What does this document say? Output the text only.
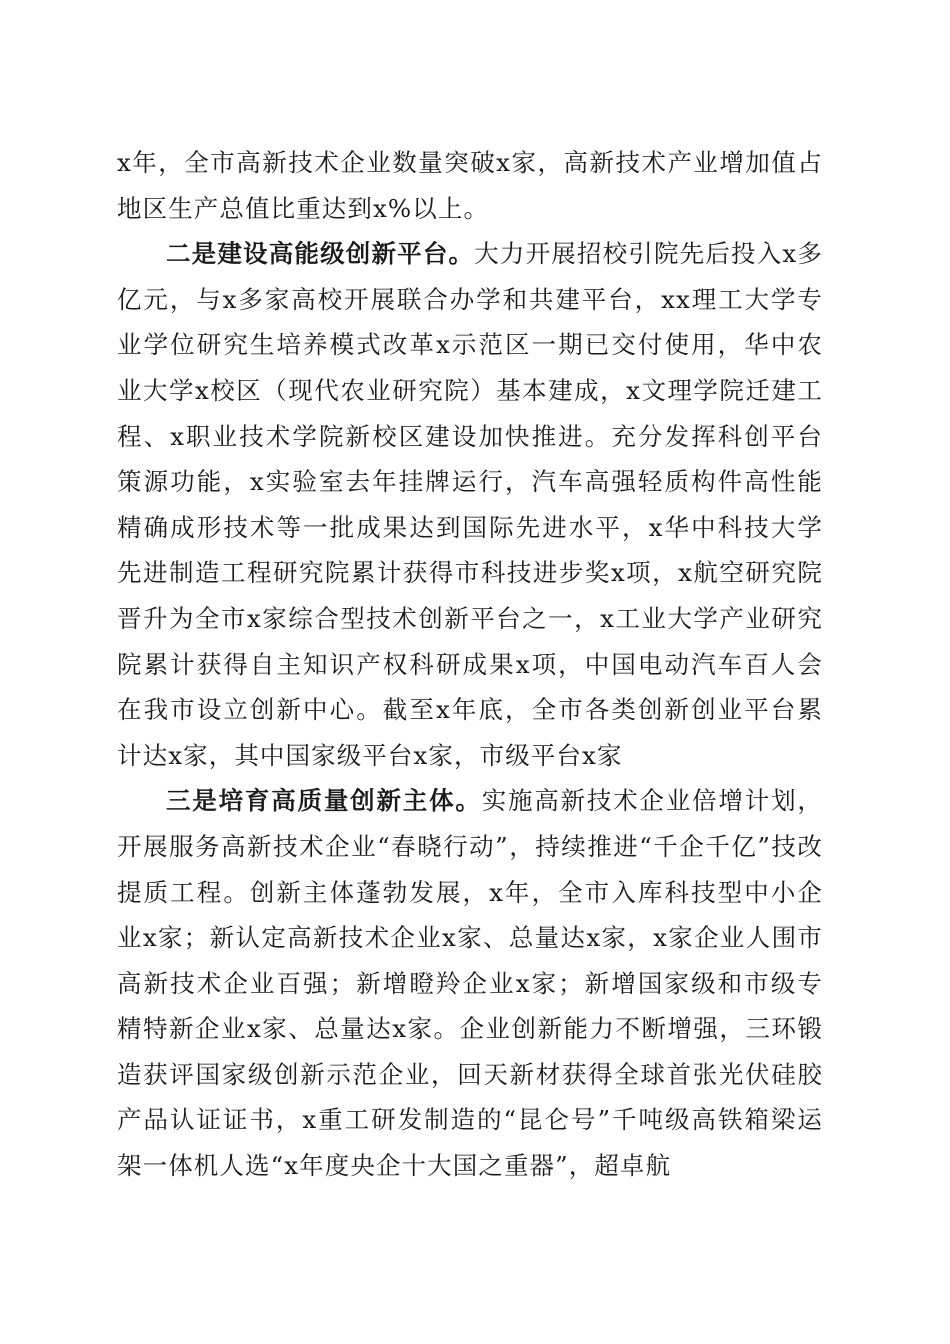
x年，全市高新技术企业数量突破x家，高新技术产业增加值占地区生产总值比重达到x%以上。

二是建设高能级创新平台。大力开展招校引院先后投入x多亿元，与x多家高校开展联合办学和共建平台，xx理工大学专业学位研究生培养模式改革x示范区一期已交付使用，华中农业大学x校区（现代农业研究院）基本建成，x文理学院迁建工程、x职业技术学院新校区建设加快推进。充分发挥科创平台策源功能，x实验室去年挂牌运行，汽车高强轻质构件高性能精确成形技术等一批成果达到国际先进水平，x华中科技大学先进制造工程研究院累计获得市科技进步奖x项，x航空研究院晋升为全市x家综合型技术创新平台之一，x工业大学产业研究院累计获得自主知识产权科研成果x项，中国电动汽车百人会在我市设立创新中心。截至x年底，全市各类创新创业平台累计达x家，其中国家级平台x家，市级平台x家

三是培育高质量创新主体。实施高新技术企业倍增计划，开展服务高新技术企业“春晓行动”，持续推进“千企千亿”技改提质工程。创新主体蓬勃发展，x年，全市入库科技型中小企业x家；新认定高新技术企业x家、总量达x家，x家企业人围市高新技术企业百强；新增瞪羚企业x家；新增国家级和市级专精特新企业x家、总量达x家。企业创新能力不断增强，三环锻造获评国家级创新示范企业，回天新材获得全球首张光伏硅胶产品认证证书，x重工研发制造的“昆仑号”千吨级高铁箱梁运架一体机人选“x年度央企十大国之重器”，超卓航
